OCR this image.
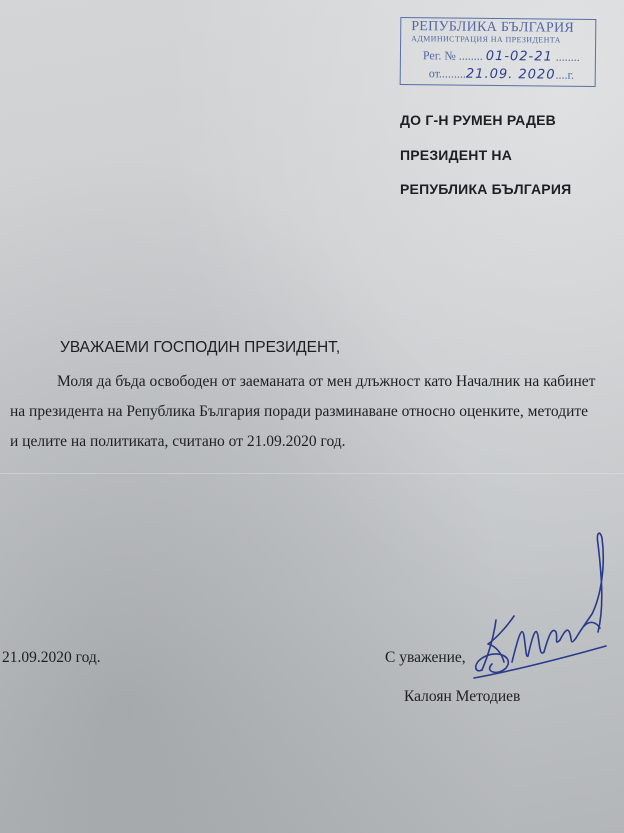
РЕПУБЛИКА БЪЛГАРИЯ
АДМИНИСТРАЦИЯ НА ПРЕЗИДЕНТА
Рег. № ........ 01-02-21 ........
от.........21.09. 2020....г.
ДО Г-Н РУМЕН РАДЕВ
ПРЕЗИДЕНТ НА
РЕПУБЛИКА БЪЛГАРИЯ
УВАЖАЕМИ ГОСПОДИН ПРЕЗИДЕНТ,
Моля да бъда освободен от заеманата от мен длъжност като Началник на кабинет
на президента на Република България поради разминаване относно оценките, методите
и целите на политиката, считано от 21.09.2020 год.
21.09.2020 год.	С уважение,
Калоян Методиев
